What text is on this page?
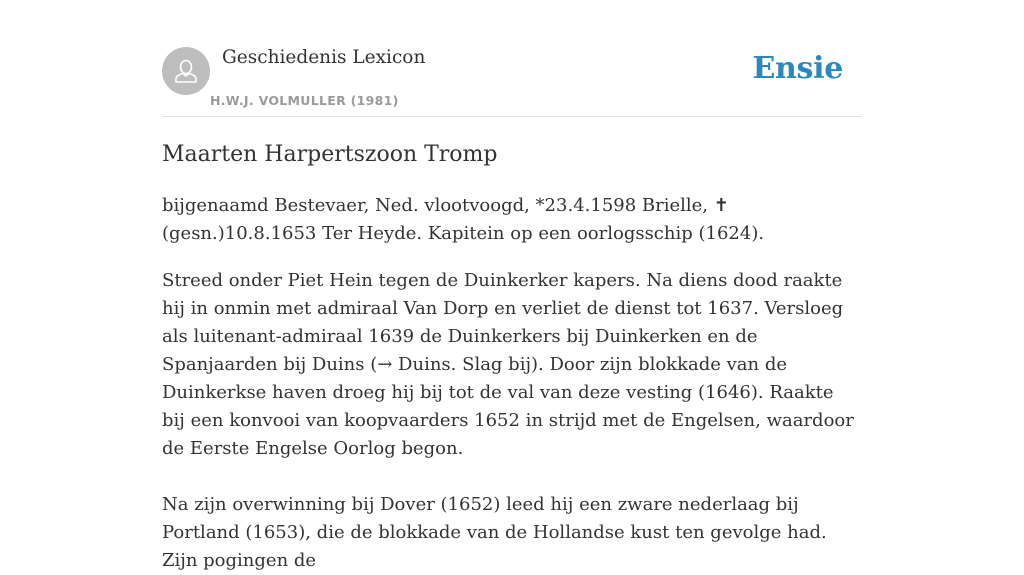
Geschiedenis Lexicon
H.W.J. VOLMULLER (1981)
Ensie
Maarten Harpertszoon Tromp

bijgenaamd Bestevaer, Ned. vlootvoogd, *23.4.1598 Brielle, ✝ (gesn.)10.8.1653 Ter Heyde. Kapitein op een oorlogsschip (1624).

Streed onder Piet Hein tegen de Duinkerker kapers. Na diens dood raakte hij in onmin met admiraal Van Dorp en verliet de dienst tot 1637. Versloeg als luitenant-admiraal 1639 de Duinkerkers bij Duinkerken en de Spanjaarden bij Duins (→ Duins. Slag bij). Door zijn blokkade van de Duinkerkse haven droeg hij bij tot de val van deze vesting (1646). Raakte bij een konvooi van koopvaarders 1652 in strijd met de Engelsen, waardoor de Eerste Engelse Oorlog begon.

Na zijn overwinning bij Dover (1652) leed hij een zware nederlaag bij Portland (1653), die de blokkade van de Hollandse kust ten gevolge had. Zijn pogingen de
